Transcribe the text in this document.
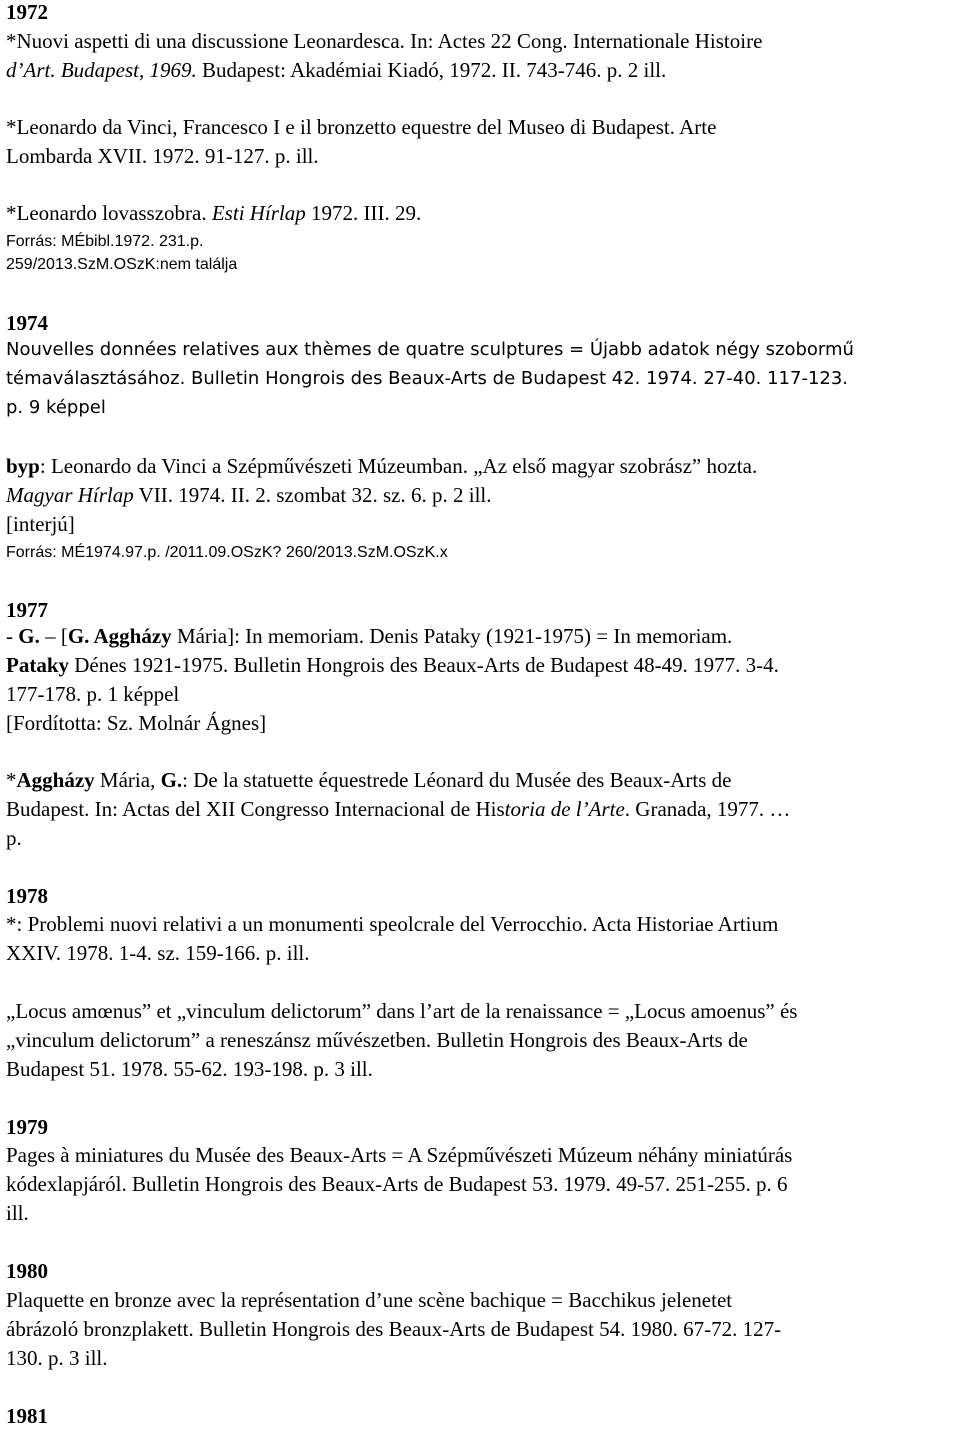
1972
*Nuovi aspetti di una discussione Leonardesca. In: Actes 22 Cong. Internationale Histoire
d’Art. Budapest, 1969. Budapest: Akadémiai Kiadó, 1972. II. 743-746. p. 2 ill.
*Leonardo da Vinci, Francesco I e il bronzetto equestre del Museo di Budapest. Arte
Lombarda XVII. 1972. 91-127. p. ill.
*Leonardo lovasszobra. Esti Hírlap 1972. III. 29.
Forrás: MÉbibl.1972. 231.p.
259/2013.SzM.OSzK:nem találja
1974
Nouvelles données relatives aux thèmes de quatre sculptures = Újabb adatok négy szobormű
témaválasztásához. Bulletin Hongrois des Beaux-Arts de Budapest 42. 1974. 27-40. 117-123.
p. 9 képpel
byp: Leonardo da Vinci a Szépművészeti Múzeumban. „Az első magyar szobrász” hozta.
Magyar Hírlap VII. 1974. II. 2. szombat 32. sz. 6. p. 2 ill.
[interjú]
Forrás: MÉ1974.97.p. /2011.09.OSzK? 260/2013.SzM.OSzK.x
1977
- G. – [G. Aggházy Mária]: In memoriam. Denis Pataky (1921-1975) = In memoriam.
Pataky Dénes 1921-1975. Bulletin Hongrois des Beaux-Arts de Budapest 48-49. 1977. 3-4.
177-178. p. 1 képpel
[Fordította: Sz. Molnár Ágnes]
*Aggházy Mária, G.: De la statuette équestrede Léonard du Musée des Beaux-Arts de
Budapest. In: Actas del XII Congresso Internacional de Historia de l’Arte. Granada, 1977. …
p.
1978
*: Problemi nuovi relativi a un monumenti speolcrale del Verrocchio. Acta Historiae Artium
XXIV. 1978. 1-4. sz. 159-166. p. ill.
„Locus amœnus” et „vinculum delictorum” dans l’art de la renaissance = „Locus amoenus” és
„vinculum delictorum” a reneszánsz művészetben. Bulletin Hongrois des Beaux-Arts de
Budapest 51. 1978. 55-62. 193-198. p. 3 ill.
1979
Pages à miniatures du Musée des Beaux-Arts = A Szépművészeti Múzeum néhány miniatúrás
kódexlapjáról. Bulletin Hongrois des Beaux-Arts de Budapest 53. 1979. 49-57. 251-255. p. 6
ill.
1980
Plaquette en bronze avec la représentation d’une scène bachique = Bacchikus jelenetet
ábrázoló bronzplakett. Bulletin Hongrois des Beaux-Arts de Budapest 54. 1980. 67-72. 127-
130. p. 3 ill.
1981
